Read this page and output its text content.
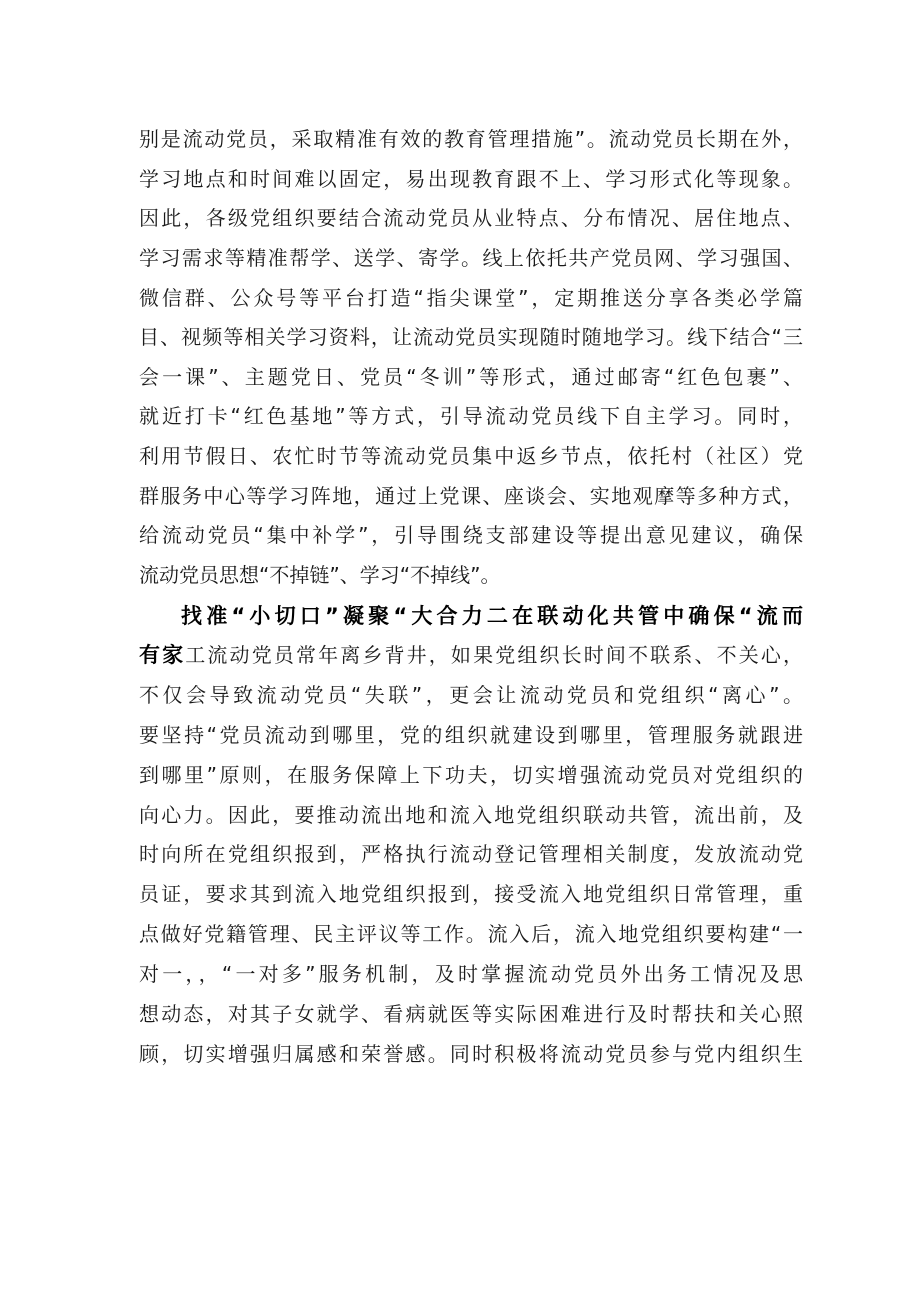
别是流动党员，采取精准有效的教育管理措施”。流动党员长期在外，
学习地点和时间难以固定，易出现教育跟不上、学习形式化等现象。
因此，各级党组织要结合流动党员从业特点、分布情况、居住地点、
学习需求等精准帮学、送学、寄学。线上依托共产党员网、学习强国、
微信群、公众号等平台打造“指尖课堂”，定期推送分享各类必学篇
目、视频等相关学习资料，让流动党员实现随时随地学习。线下结合“三
会一课”、主题党日、党员“冬训”等形式，通过邮寄“红色包裹”、
就近打卡“红色基地”等方式，引导流动党员线下自主学习。同时，
利用节假日、农忙时节等流动党员集中返乡节点，依托村（社区）党
群服务中心等学习阵地，通过上党课、座谈会、实地观摩等多种方式，
给流动党员“集中补学”，引导围绕支部建设等提出意见建议，确保
流动党员思想“不掉链”、学习“不掉线”。
找准“小切口”凝聚“大合力二在联动化共管中确保“流而
有家工流动党员常年离乡背井，如果党组织长时间不联系、不关心，
不仅会导致流动党员“失联”，更会让流动党员和党组织“离心”。
要坚持“党员流动到哪里，党的组织就建设到哪里，管理服务就跟进
到哪里”原则，在服务保障上下功夫，切实增强流动党员对党组织的
向心力。因此，要推动流出地和流入地党组织联动共管，流出前，及
时向所在党组织报到，严格执行流动登记管理相关制度，发放流动党
员证，要求其到流入地党组织报到，接受流入地党组织日常管理，重
点做好党籍管理、民主评议等工作。流入后，流入地党组织要构建“一
对一，，“一对多”服务机制，及时掌握流动党员外出务工情况及思
想动态，对其子女就学、看病就医等实际困难进行及时帮扶和关心照
顾，切实增强归属感和荣誉感。同时积极将流动党员参与党内组织生
